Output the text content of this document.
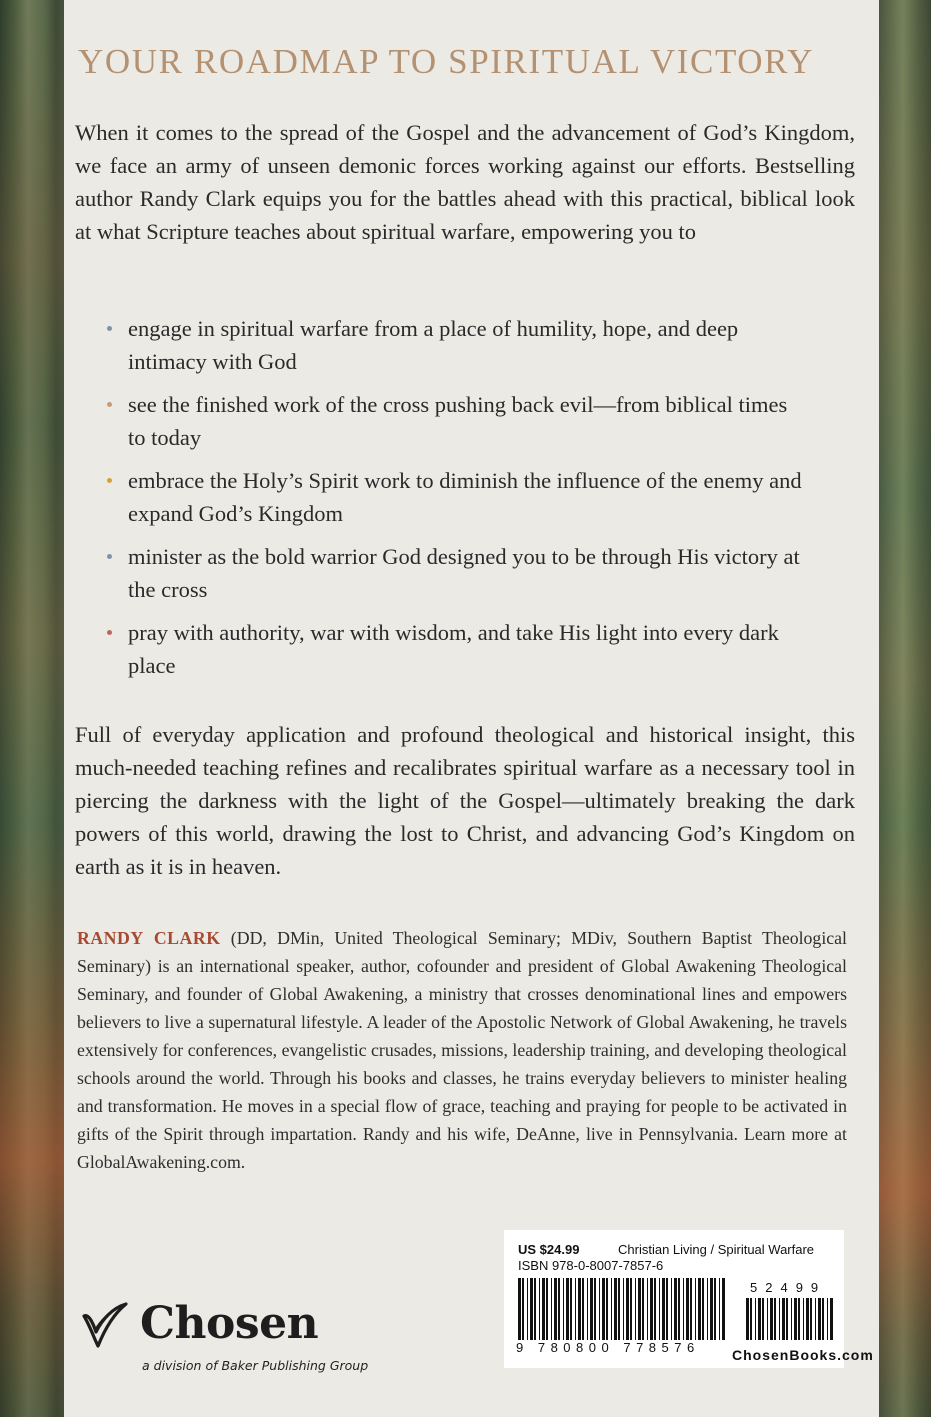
YOUR ROADMAP TO SPIRITUAL VICTORY
When it comes to the spread of the Gospel and the advancement of God’s Kingdom, we face an army of unseen demonic forces working against our efforts. Bestselling author Randy Clark equips you for the battles ahead with this practical, biblical look at what Scripture teaches about spiritual warfare, empowering you to
engage in spiritual warfare from a place of humility, hope, and deep intimacy with God
see the finished work of the cross pushing back evil—from biblical times to today
embrace the Holy’s Spirit work to diminish the influence of the enemy and expand God’s Kingdom
minister as the bold warrior God designed you to be through His victory at the cross
pray with authority, war with wisdom, and take His light into every dark place
Full of everyday application and profound theological and historical insight, this much-needed teaching refines and recalibrates spiritual warfare as a necessary tool in piercing the darkness with the light of the Gospel—ultimately breaking the dark powers of this world, drawing the lost to Christ, and advancing God’s Kingdom on earth as it is in heaven.
RANDY CLARK (DD, DMin, United Theological Seminary; MDiv, Southern Baptist Theological Seminary) is an international speaker, author, cofounder and president of Global Awakening Theological Seminary, and founder of Global Awakening, a ministry that crosses denominational lines and empowers believers to live a supernatural lifestyle. A leader of the Apostolic Network of Global Awakening, he travels extensively for conferences, evangelistic crusades, missions, leadership training, and developing theological schools around the world. Through his books and classes, he trains everyday believers to minister healing and transformation. He moves in a special flow of grace, teaching and praying for people to be activated in gifts of the Spirit through impartation. Randy and his wife, DeAnne, live in Pennsylvania. Learn more at GlobalAwakening.com.
Chosen
a division of Baker Publishing Group
US $24.99	Christian Living / Spiritual Warfare
ISBN 978-0-8007-7857-6
52499
9 780800 778576 ChosenBooks.com
